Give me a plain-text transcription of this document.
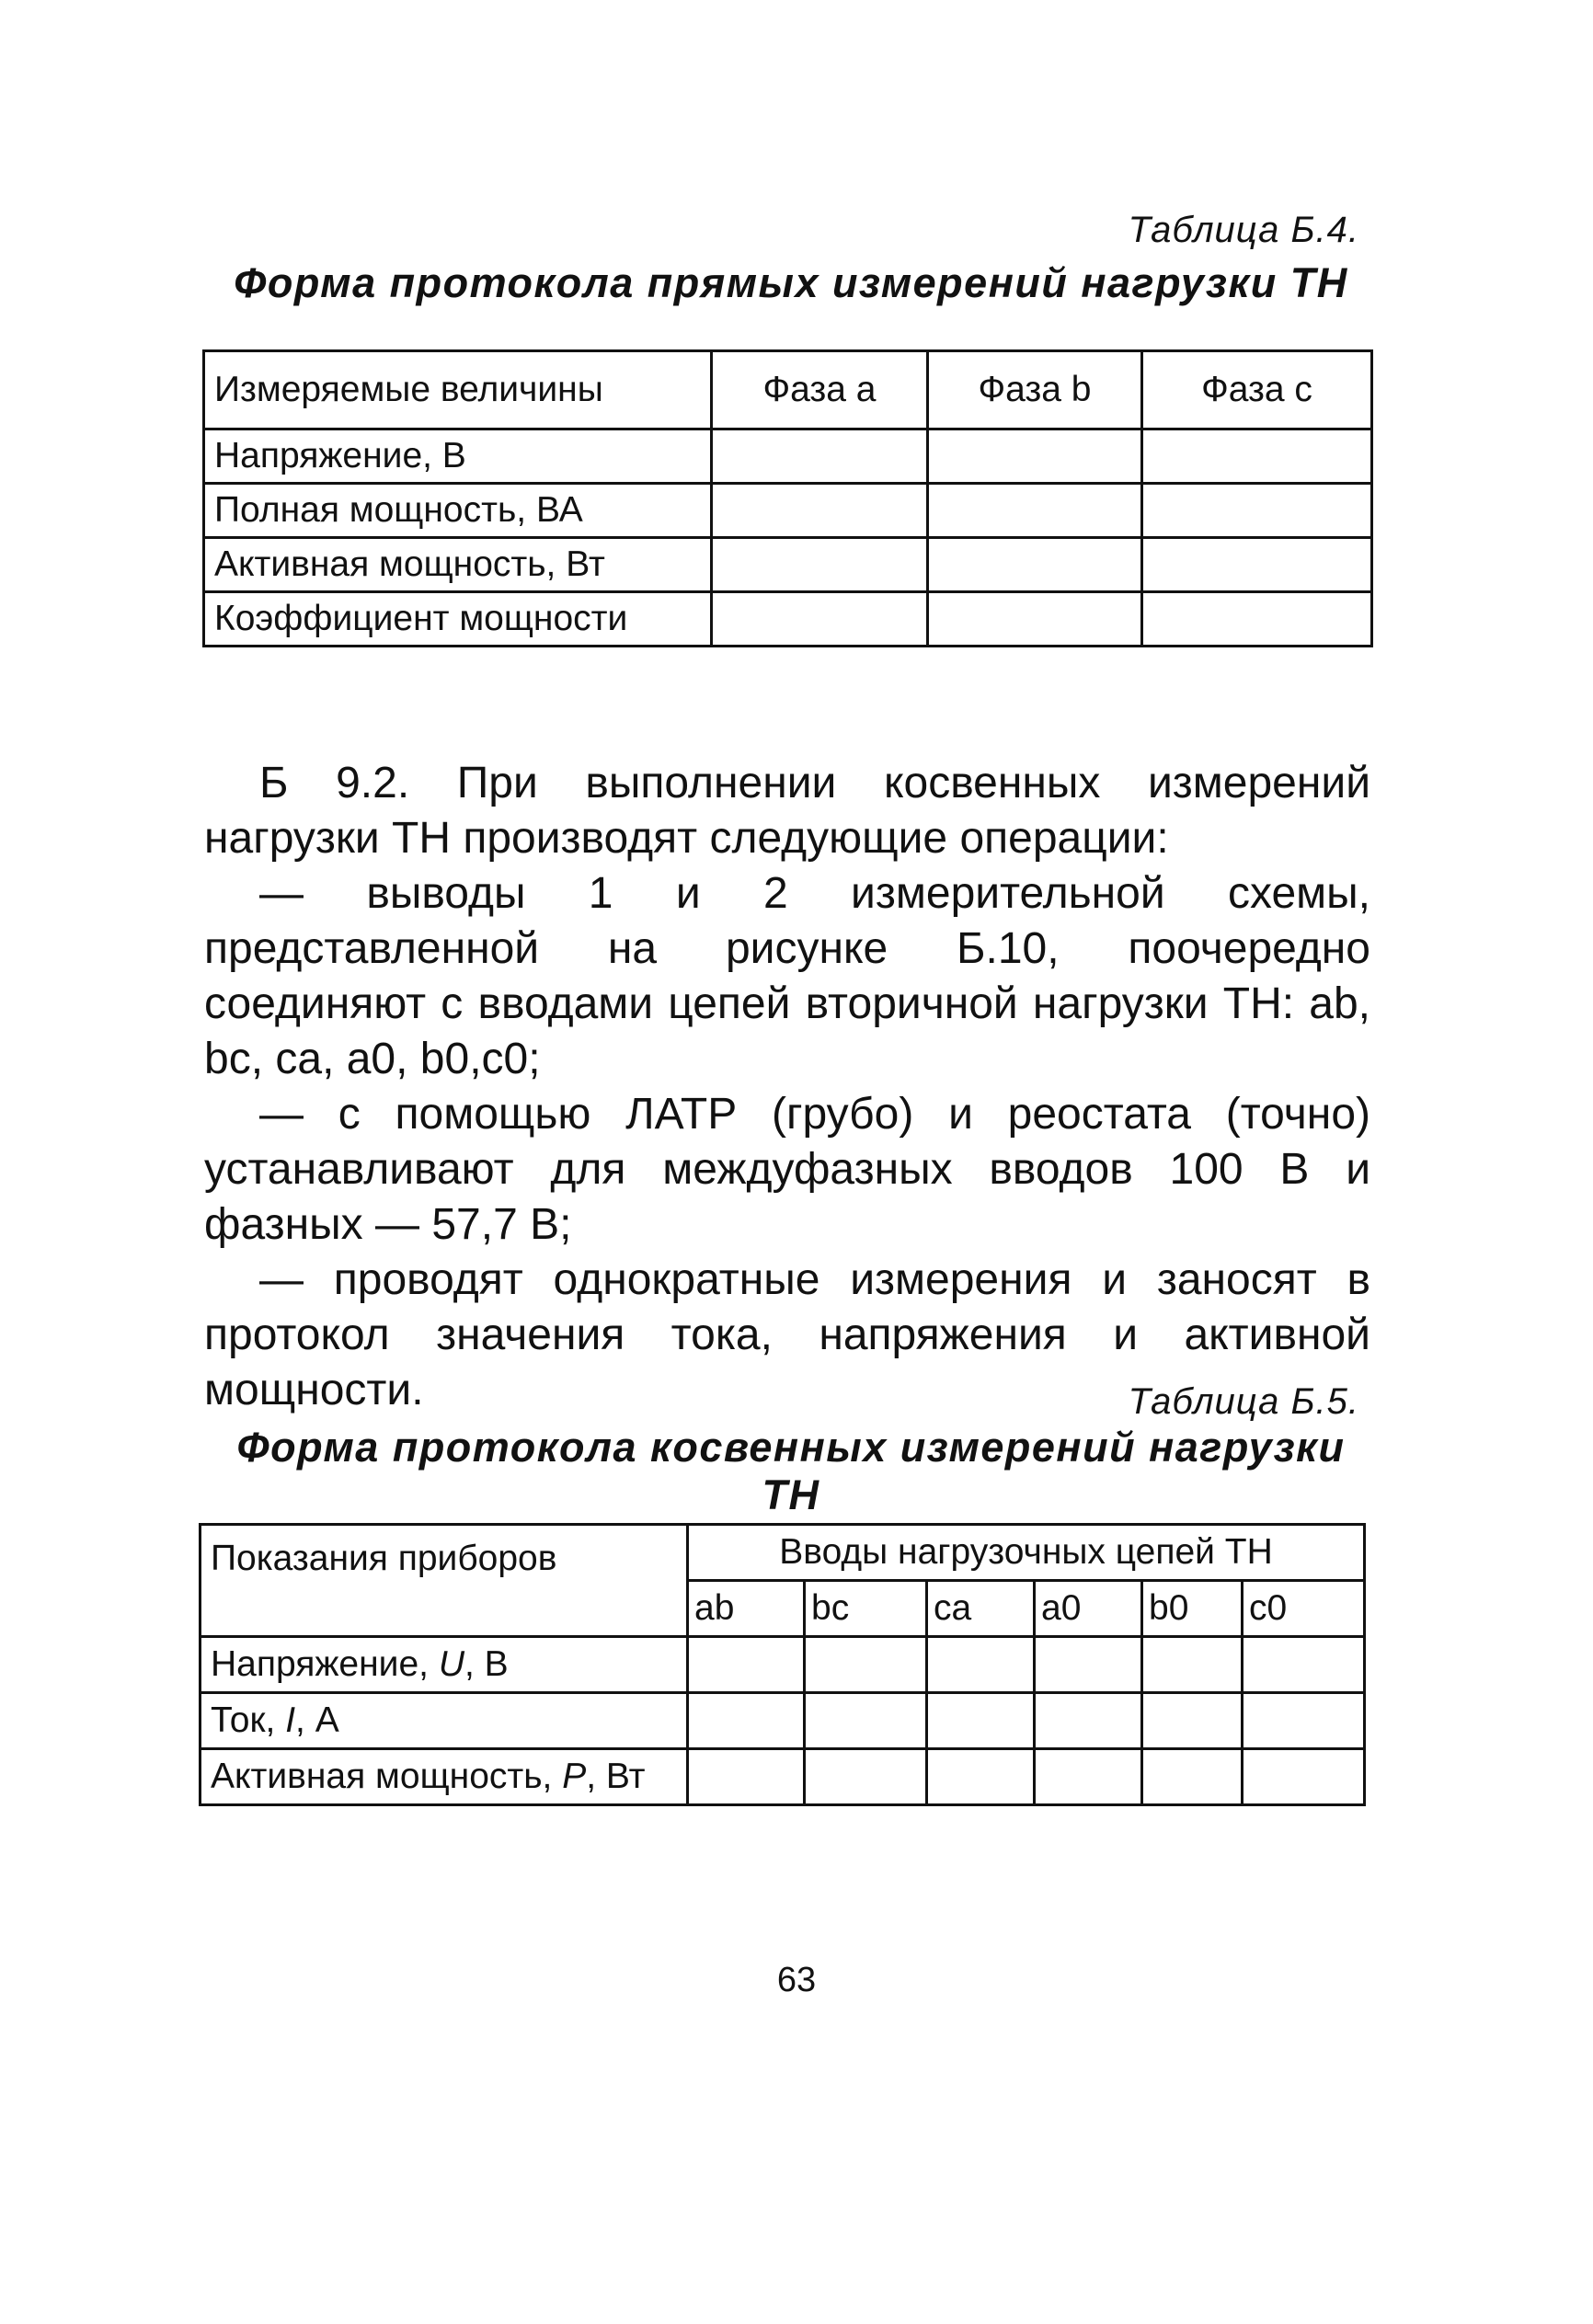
Таблица Б.4.
Форма протокола прямых измерений нагрузки ТН
Измеряемые величины	Фаза a	Фаза b	Фаза c
Напряжение, В			
Полная мощность, ВА			
Активная мощность, Вт			
Коэффициент мощности			

Б 9.2. При выполнении косвенных измерений нагрузки ТН производят следующие операции:

— выводы 1 и 2 измерительной схемы, представленной на рисунке Б.10, поочередно соединяют с вводами цепей вторичной нагрузки ТН: ab, bc, ca, a0, b0,c0;

— с помощью ЛАТР (грубо) и реостата (точно) устанавливают для междуфазных вводов 100 В и фазных — 57,7 В;

— проводят однократные измерения и заносят в протокол значения тока, напряжения и активной мощности.	Таблица Б.5.
Форма протокола косвенных измерений нагрузки ТН
Показания приборов	Вводы нагрузочных цепей ТН					
	ab	bc	ca	a0	b0	c0
Напряжение, U, В						
Ток, I, А						
Активная мощность, P, Вт						
63
